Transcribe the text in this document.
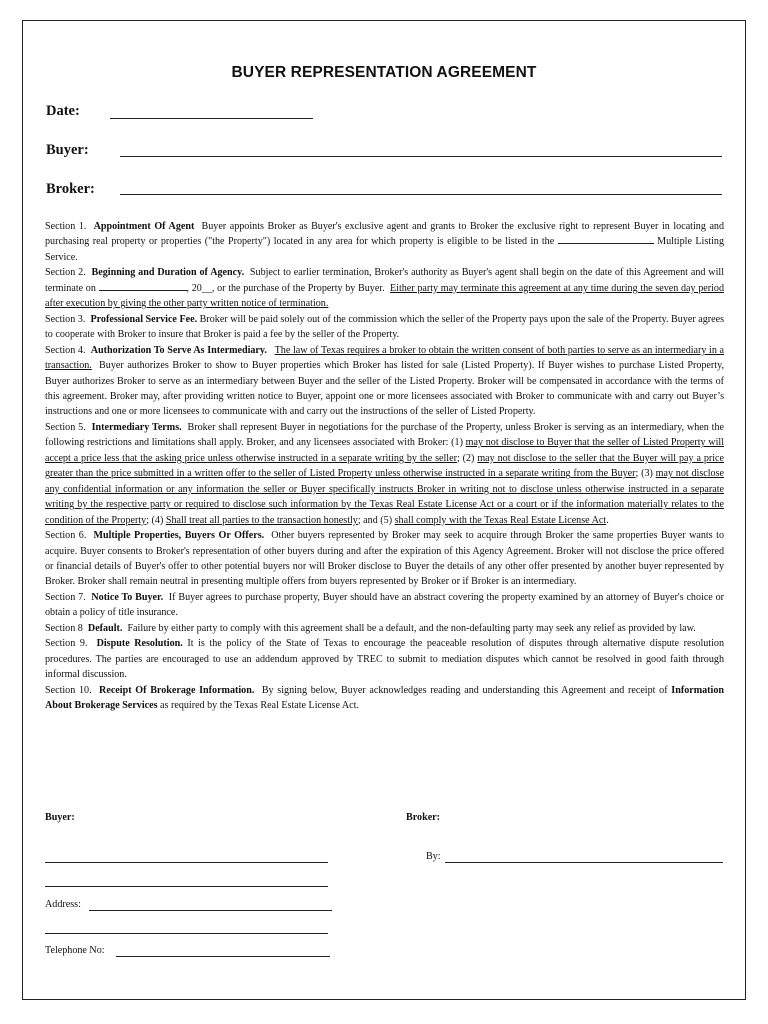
BUYER REPRESENTATION AGREEMENT
Date:
Buyer:
Broker:

Section 1. Appointment Of Agent Buyer appoints Broker as Buyer's exclusive agent and grants to Broker the exclusive right to represent Buyer in locating and purchasing real property or properties ("the Property") located in any area for which property is eligible to be listed in the	Multiple Listing Service.

Section 2. Beginning and Duration of Agency. Subject to earlier termination, Broker's authority as Buyer's agent shall begin on the date of this Agreement and will terminate on	, 20__, or the purchase of the Property by Buyer. Either party may terminate this agreement at any time during the seven day period after execution by giving the other party written notice of termination.

Section 3. Professional Service Fee. Broker will be paid solely out of the commission which the seller of the Property pays upon the sale of the Property. Buyer agrees to cooperate with Broker to insure that Broker is paid a fee by the seller of the Property.

Section 4. Authorization To Serve As Intermediary. The law of Texas requires a broker to obtain the written consent of both parties to serve as an intermediary in a transaction. Buyer authorizes Broker to show to Buyer properties which Broker has listed for sale (Listed Property). If Buyer wishes to purchase Listed Property, Buyer authorizes Broker to serve as an intermediary between Buyer and the seller of the Listed Property. Broker will be compensated in accordance with the terms of this agreement. Broker may, after providing written notice to Buyer, appoint one or more licensees associated with Broker to communicate with and carry out Buyer’s instructions and one or more licensees to communicate with and carry out the instructions of the seller of Listed Property.

Section 5. Intermediary Terms. Broker shall represent Buyer in negotiations for the purchase of the Property, unless Broker is serving as an intermediary, when the following restrictions and limitations shall apply. Broker, and any licensees associated with Broker: (1) may not disclose to Buyer that the seller of Listed Property will accept a price less that the asking price unless otherwise instructed in a separate writing by the seller; (2) may not disclose to the seller that the Buyer will pay a price greater than the price submitted in a written offer to the seller of Listed Property unless otherwise instructed in a separate writing from the Buyer; (3) may not disclose any confidential information or any information the seller or Buyer specifically instructs Broker in writing not to disclose unless otherwise instructed in a separate writing by the respective party or required to disclose such information by the Texas Real Estate License Act or a court or if the information materially relates to the condition of the Property; (4) Shall treat all parties to the transaction honestly; and (5) shall comply with the Texas Real Estate License Act.

Section 6. Multiple Properties, Buyers Or Offers. Other buyers represented by Broker may seek to acquire through Broker the same properties Buyer wants to acquire. Buyer consents to Broker's representation of other buyers during and after the expiration of this Agency Agreement. Broker will not disclose the price offered or financial details of Buyer's offer to other potential buyers nor will Broker disclose to Buyer the details of any other offer presented by another buyer represented by Broker. Broker shall remain neutral in presenting multiple offers from buyers represented by Broker or if Broker is an intermediary.

Section 7. Notice To Buyer. If Buyer agrees to purchase property, Buyer should have an abstract covering the property examined by an attorney of Buyer's choice or obtain a policy of title insurance.

Section 8 Default. Failure by either party to comply with this agreement shall be a default, and the non-defaulting party may seek any relief as provided by law.

Section 9. Dispute Resolution. It is the policy of the State of Texas to encourage the peaceable resolution of disputes through alternative dispute resolution procedures. The parties are encouraged to use an addendum approved by TREC to submit to mediation disputes which cannot be resolved in good faith through informal discussion.

Section 10. Receipt Of Brokerage Information. By signing below, Buyer acknowledges reading and understanding this Agreement and receipt of Information About Brokerage Services as required by the Texas Real Estate License Act.

Buyer:	Broker:
By:
Address:
Telephone No:
